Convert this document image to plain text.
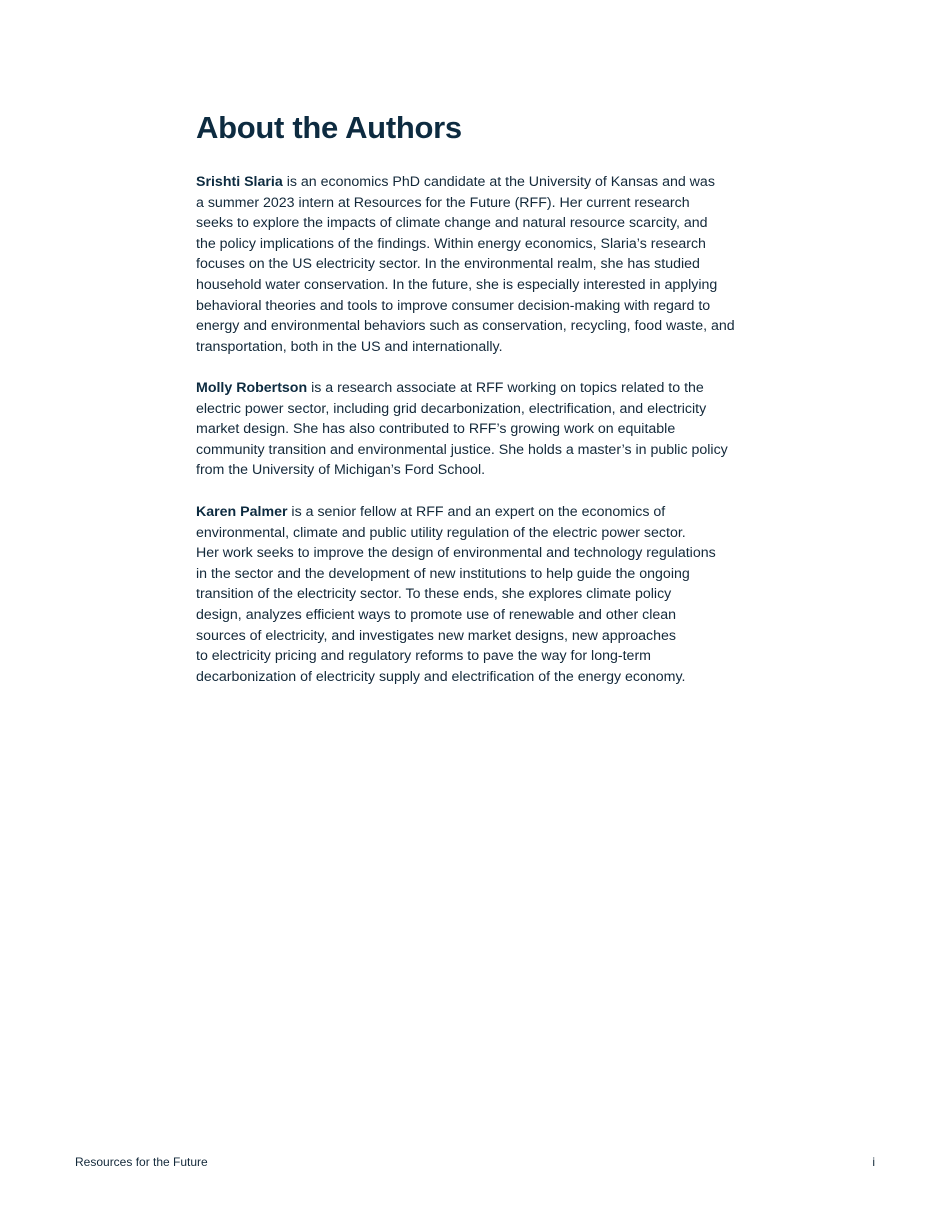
About the Authors

Srishti Slaria is an economics PhD candidate at the University of Kansas and was
a summer 2023 intern at Resources for the Future (RFF). Her current research
seeks to explore the impacts of climate change and natural resource scarcity, and
the policy implications of the findings. Within energy economics, Slaria’s research
focuses on the US electricity sector. In the environmental realm, she has studied
household water conservation. In the future, she is especially interested in applying
behavioral theories and tools to improve consumer decision-making with regard to
energy and environmental behaviors such as conservation, recycling, food waste, and
transportation, both in the US and internationally.

Molly Robertson is a research associate at RFF working on topics related to the
electric power sector, including grid decarbonization, electrification, and electricity
market design. She has also contributed to RFF’s growing work on equitable
community transition and environmental justice. She holds a master’s in public policy
from the University of Michigan’s Ford School.

Karen Palmer is a senior fellow at RFF and an expert on the economics of
environmental, climate and public utility regulation of the electric power sector.
Her work seeks to improve the design of environmental and technology regulations
in the sector and the development of new institutions to help guide the ongoing
transition of the electricity sector. To these ends, she explores climate policy
design, analyzes efficient ways to promote use of renewable and other clean
sources of electricity, and investigates new market designs, new approaches
to electricity pricing and regulatory reforms to pave the way for long-term
decarbonization of electricity supply and electrification of the energy economy.

Resources for the Future	i
